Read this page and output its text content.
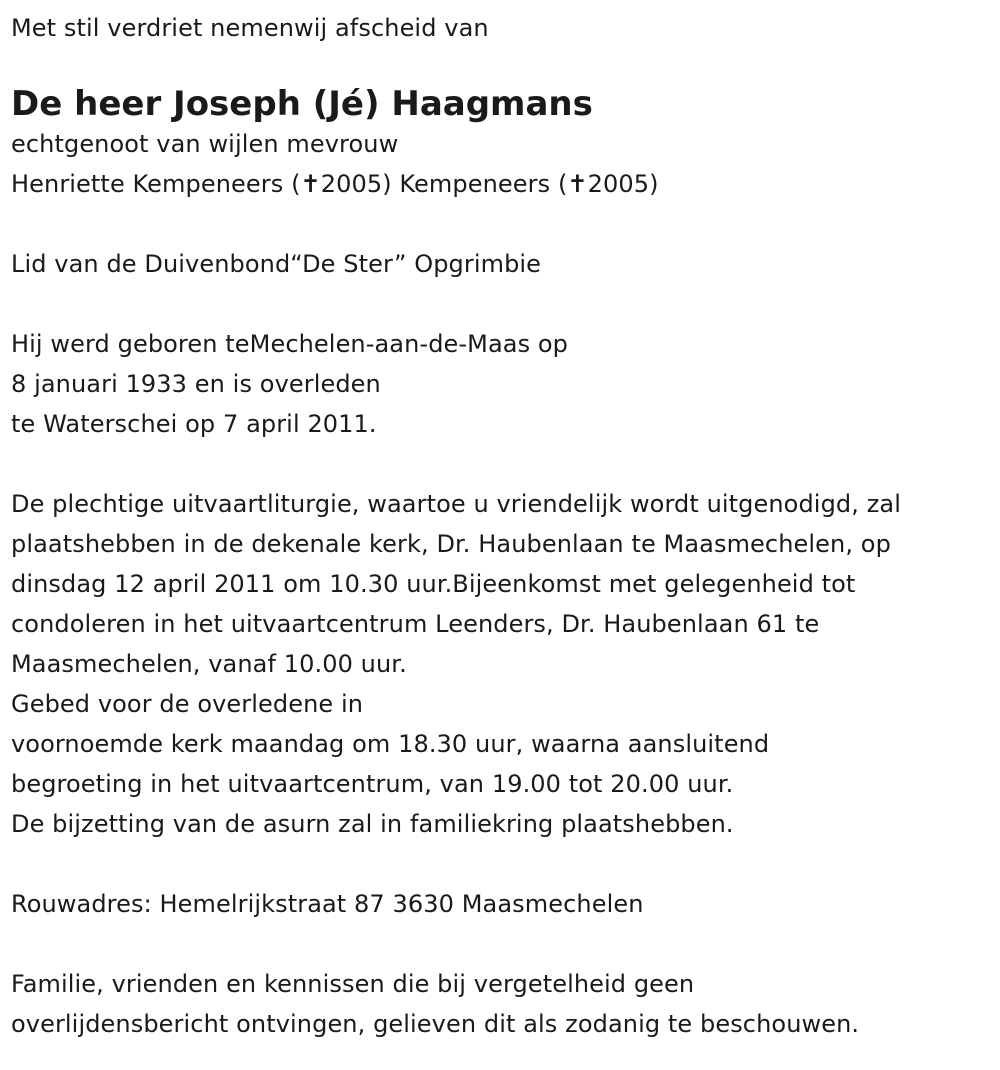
Met stil verdriet nemenwij afscheid van
De heer Joseph (Jé) Haagmans
echtgenoot van wijlen mevrouw
Henriette Kempeneers (✝2005) Kempeneers (✝2005)
Lid van de Duivenbond“De Ster” Opgrimbie
Hij werd geboren teMechelen-aan-de-Maas op
8 januari 1933 en is overleden
te Waterschei op 7 april 2011.
De plechtige uitvaartliturgie, waartoe u vriendelijk wordt uitgenodigd, zal
plaatshebben in de dekenale kerk, Dr. Haubenlaan te Maasmechelen, op
dinsdag 12 april 2011 om 10.30 uur.Bijeenkomst met gelegenheid tot
condoleren in het uitvaartcentrum Leenders, Dr. Haubenlaan 61 te
Maasmechelen, vanaf 10.00 uur.
Gebed voor de overledene in
voornoemde kerk maandag om 18.30 uur, waarna aansluitend
begroeting in het uitvaartcentrum, van 19.00 tot 20.00 uur.
De bijzetting van de asurn zal in familiekring plaatshebben.
Rouwadres: Hemelrijkstraat 87 3630 Maasmechelen
Familie, vrienden en kennissen die bij vergetelheid geen
overlijdensbericht ontvingen, gelieven dit als zodanig te beschouwen.
